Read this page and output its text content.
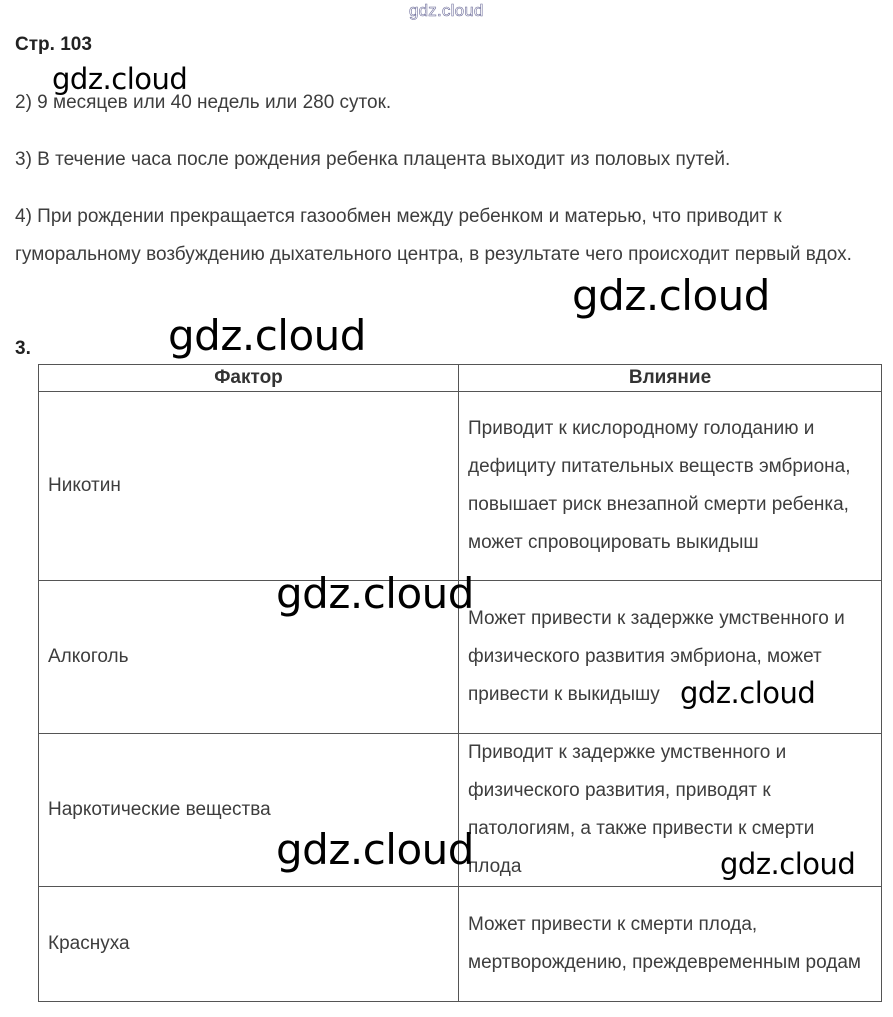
gdz.cloud
Стр. 103
2) 9 месяцев или 40 недель или 280 суток.
3) В течение часа после рождения ребенка плацента выходит из половых путей.
4) При рождении прекращается газообмен между ребенком и матерью, что приводит к гуморальному возбуждению дыхательного центра, в результате чего происходит первый вдох.
3.
Фактор	Влияние
Никотин	Приводит к кислородному голоданию и дефициту питательных веществ эмбриона, повышает риск внезапной смерти ребенка, может спровоцировать выкидыш
Алкоголь	Может привести к задержке умственного и физического развития эмбриона, может привести к выкидышу
Наркотические вещества	Приводит к задержке умственного и физического развития, приводят к патологиям, а также привести к смерти плода
Краснуха	Может привести к смерти плода, мертворождению, преждевременным родам
gdz.cloud
gdz.cloud
gdz.cloud
gdz.cloud
gdz.cloud
gdz.cloud	gdz.cloud
